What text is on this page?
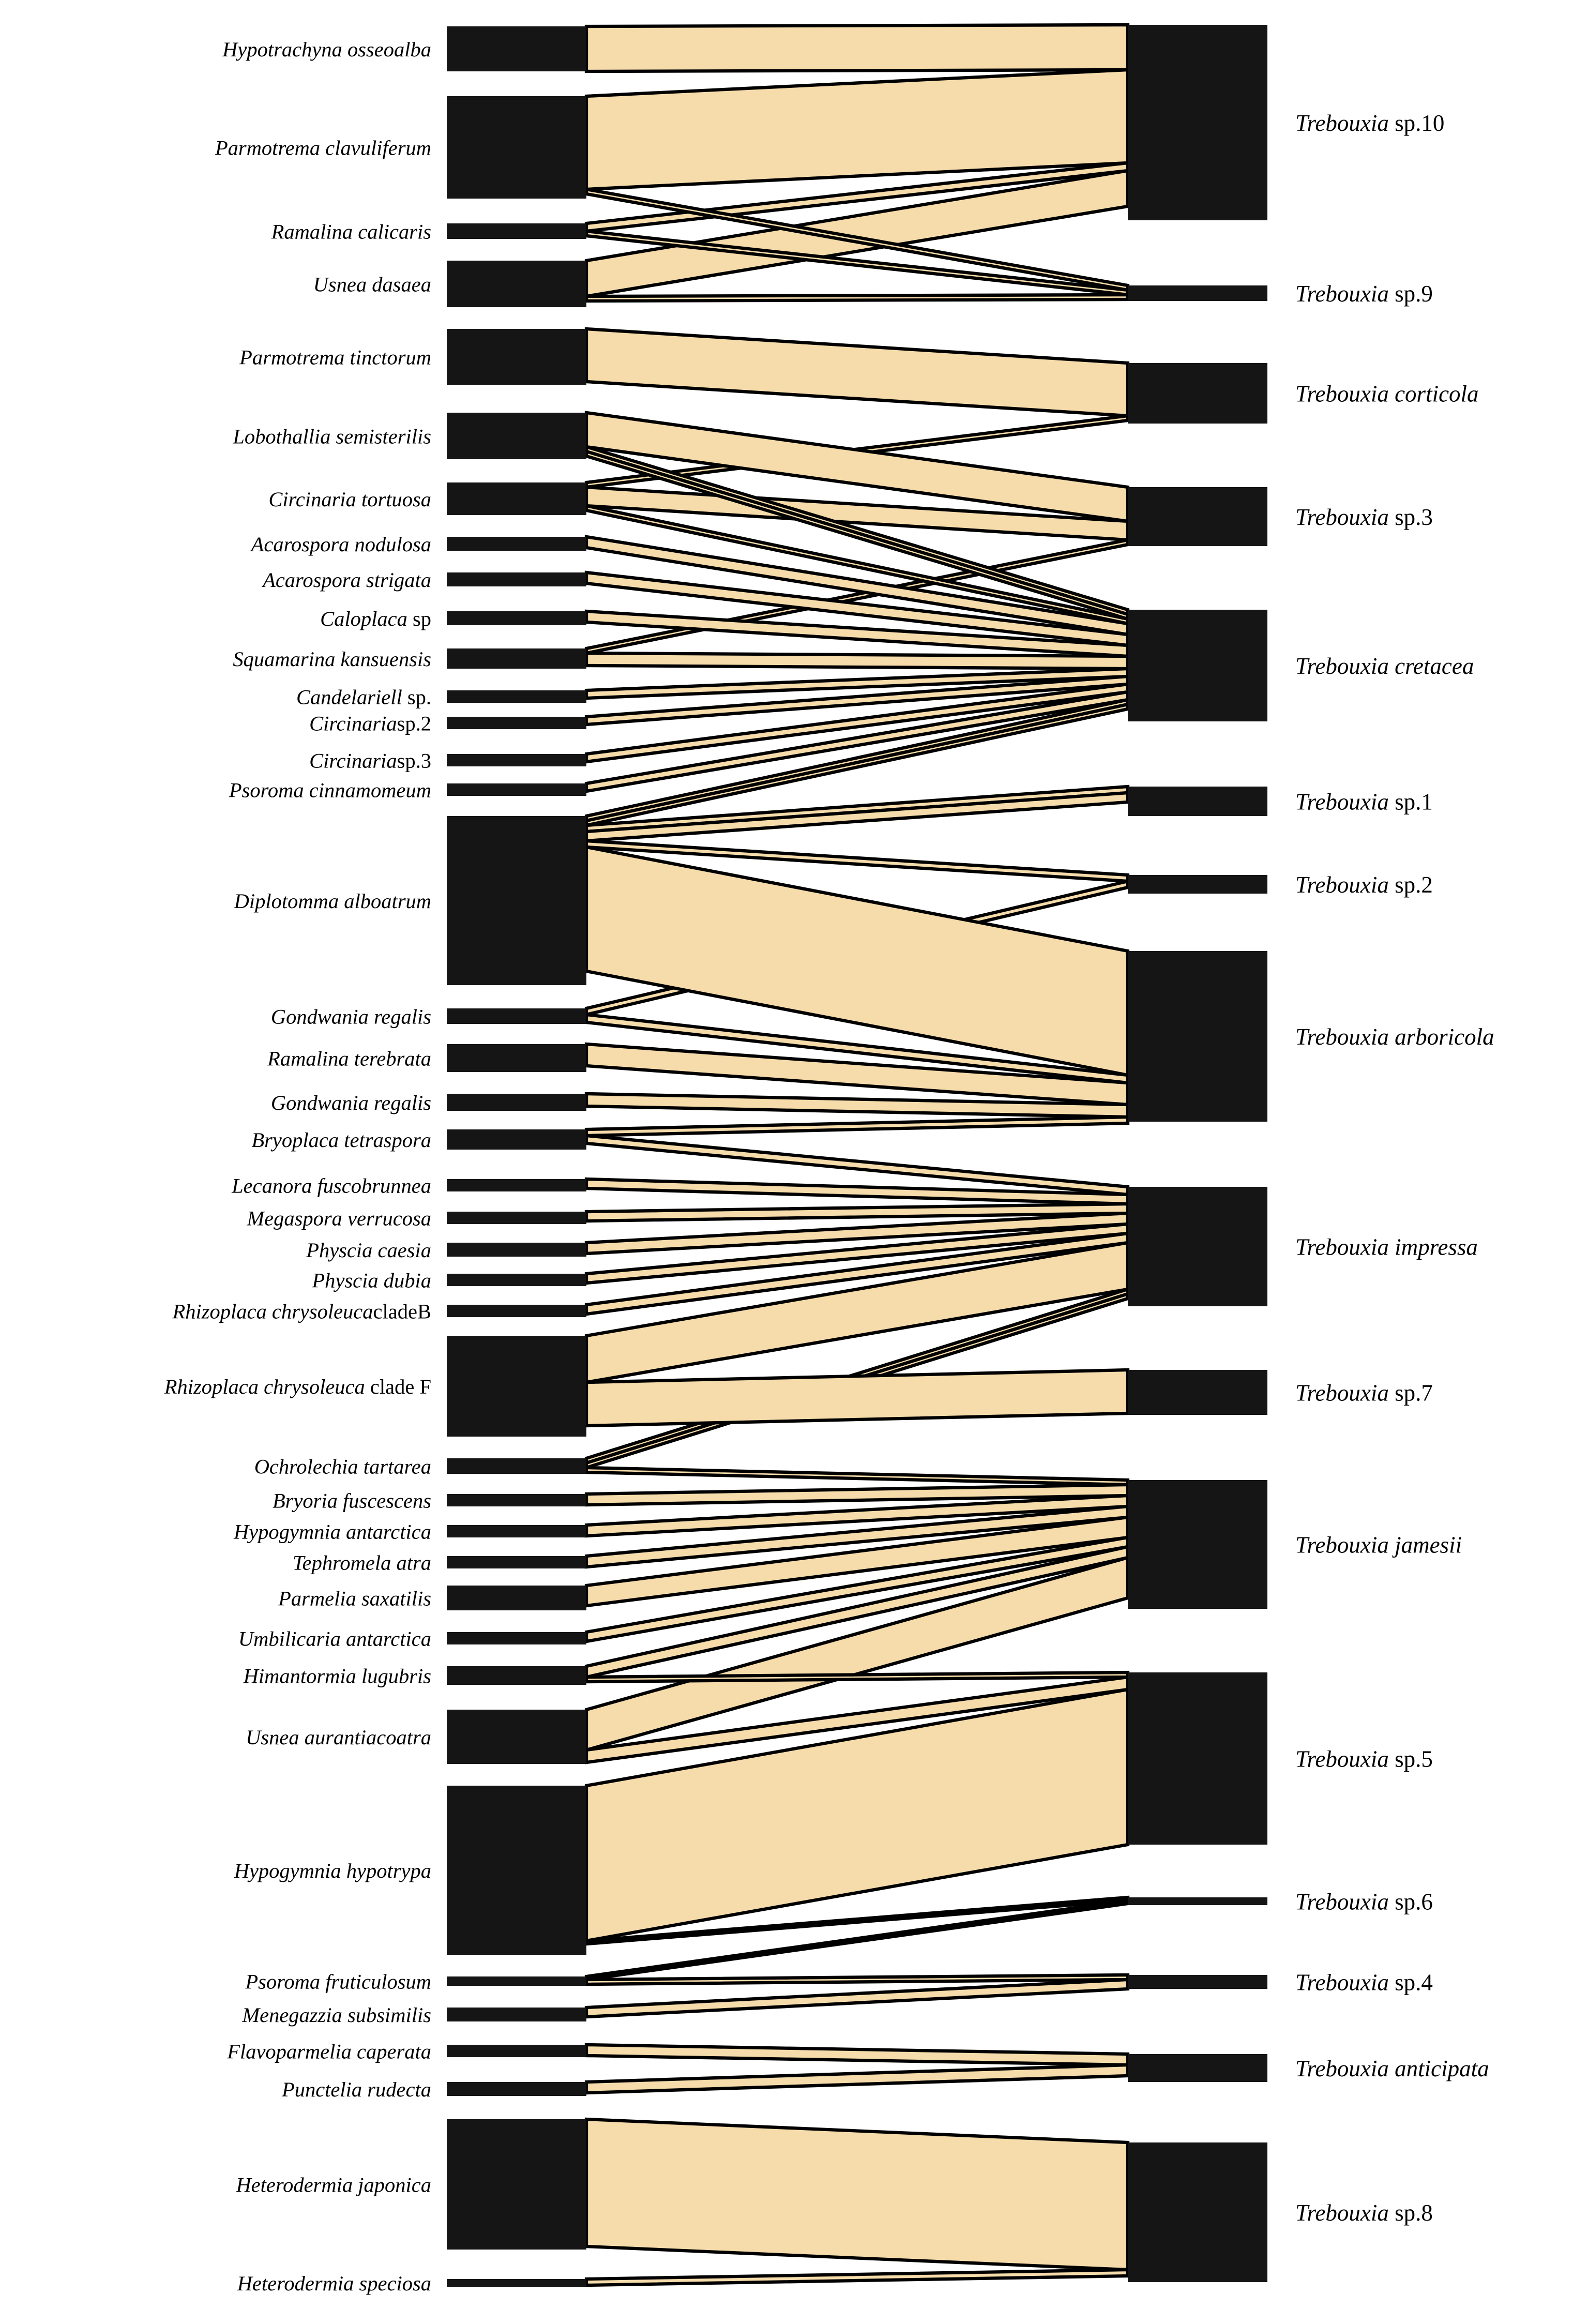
Hypotrachyna osseoalba
Parmotrema clavuliferum
Ramalina calicaris
Usnea dasaea
Parmotrema tinctorum
Lobothallia semisterilis
Circinaria tortuosa
Acarospora nodulosa
Acarospora strigata
Caloplaca sp
Squamarina kansuensis
Candelariell sp.
Circinariasp.2
Circinariasp.3
Psoroma cinnamomeum
Diplotomma alboatrum
Gondwania regalis
Ramalina terebrata
Gondwania regalis
Bryoplaca tetraspora
Lecanora fuscobrunnea
Megaspora verrucosa
Physcia caesia
Physcia dubia
Rhizoplaca chrysoleucacladeB
Rhizoplaca chrysoleuca clade F
Ochrolechia tartarea
Bryoria fuscescens
Hypogymnia antarctica
Tephromela atra
Parmelia saxatilis
Umbilicaria antarctica
Himantormia lugubris
Usnea aurantiacoatra
Hypogymnia hypotrypa
Psoroma fruticulosum
Menegazzia subsimilis
Flavoparmelia caperata
Punctelia rudecta
Heterodermia japonica
Heterodermia speciosa
Trebouxia sp.10
Trebouxia sp.9
Trebouxia corticola
Trebouxia sp.3
Trebouxia cretacea
Trebouxia sp.1
Trebouxia sp.2
Trebouxia arboricola
Trebouxia impressa
Trebouxia sp.7
Trebouxia jamesii
Trebouxia sp.5
Trebouxia sp.6
Trebouxia sp.4
Trebouxia anticipata
Trebouxia sp.8
